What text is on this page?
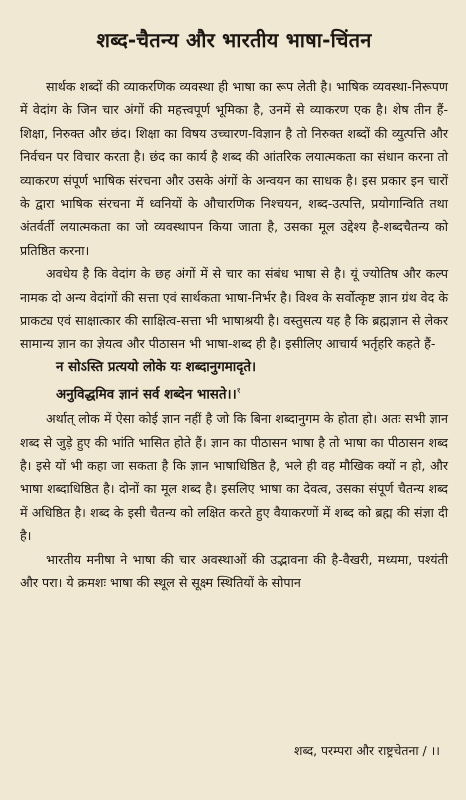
शब्द-चैतन्य और भारतीय भाषा-चिंतन

सार्थक शब्दों की व्याकरणिक व्यवस्था ही भाषा का रूप लेती है। भाषिक व्यवस्था-निरूपण में वेदांग के जिन चार अंगों की महत्त्वपूर्ण भूमिका है, उनमें से व्याकरण एक है। शेष तीन हैं-शिक्षा, निरुक्त और छंद। शिक्षा का विषय उच्चारण-विज्ञान है तो निरुक्त शब्दों की व्युत्पत्ति और निर्वचन पर विचार करता है। छंद का कार्य है शब्द की आंतरिक लयात्मकता का संधान करना तो व्याकरण संपूर्ण भाषिक संरचना और उसके अंगों के अन्वयन का साधक है। इस प्रकार इन चारों के द्वारा भाषिक संरचना में ध्वनियों के औचारणिक निश्चयन, शब्द-उत्पत्ति, प्रयोगान्विति तथा अंतर्वर्ती लयात्मकता का जो व्यवस्थापन किया जाता है, उसका मूल उद्देश्य है-शब्दचैतन्य को प्रतिष्ठित करना।

अवधेय है कि वेदांग के छह अंगों में से चार का संबंध भाषा से है। यूं ज्योतिष और कल्प नामक दो अन्य वेदांगों की सत्ता एवं सार्थकता भाषा-निर्भर है। विश्व के सर्वोत्कृष्ट ज्ञान ग्रंथ वेद के प्राकट्य एवं साक्षात्कार की साक्षित्व-सत्ता भी भाषाश्रयी है। वस्तुसत्य यह है कि ब्रह्मज्ञान से लेकर सामान्य ज्ञान का ज्ञेयत्व और पीठासन भी भाषा-शब्द ही है। इसीलिए आचार्य भर्तृहरि कहते हैं-

न सोऽस्ति प्रत्ययो लोके यः शब्दानुगमादृते।
अनुविद्धमिव ज्ञानं सर्व शब्देन भासते।।$^१$

अर्थात् लोक में ऐसा कोई ज्ञान नहीं है जो कि बिना शब्दानुगम के होता हो। अतः सभी ज्ञान शब्द से जुड़े हुए की भांति भासित होते हैं। ज्ञान का पीठासन भाषा है तो भाषा का पीठासन शब्द है। इसे यों भी कहा जा सकता है कि ज्ञान भाषाधिष्ठित है, भले ही वह मौखिक क्यों न हो, और भाषा शब्दाधिष्ठित है। दोनों का मूल शब्द है। इसलिए भाषा का देवत्व, उसका संपूर्ण चैतन्य शब्द में अधिष्ठित है। शब्द के इसी चैतन्य को लक्षित करते हुए वैयाकरणों में शब्द को ब्रह्म की संज्ञा दी है।

भारतीय मनीषा ने भाषा की चार अवस्थाओं की उद्भावना की है-वैखरी, मध्यमा, पश्यंती और परा। ये क्रमशः भाषा की स्थूल से सूक्ष्म स्थितियों के सोपान

शब्द, परम्परा और राष्ट्रचेतना / ।।
